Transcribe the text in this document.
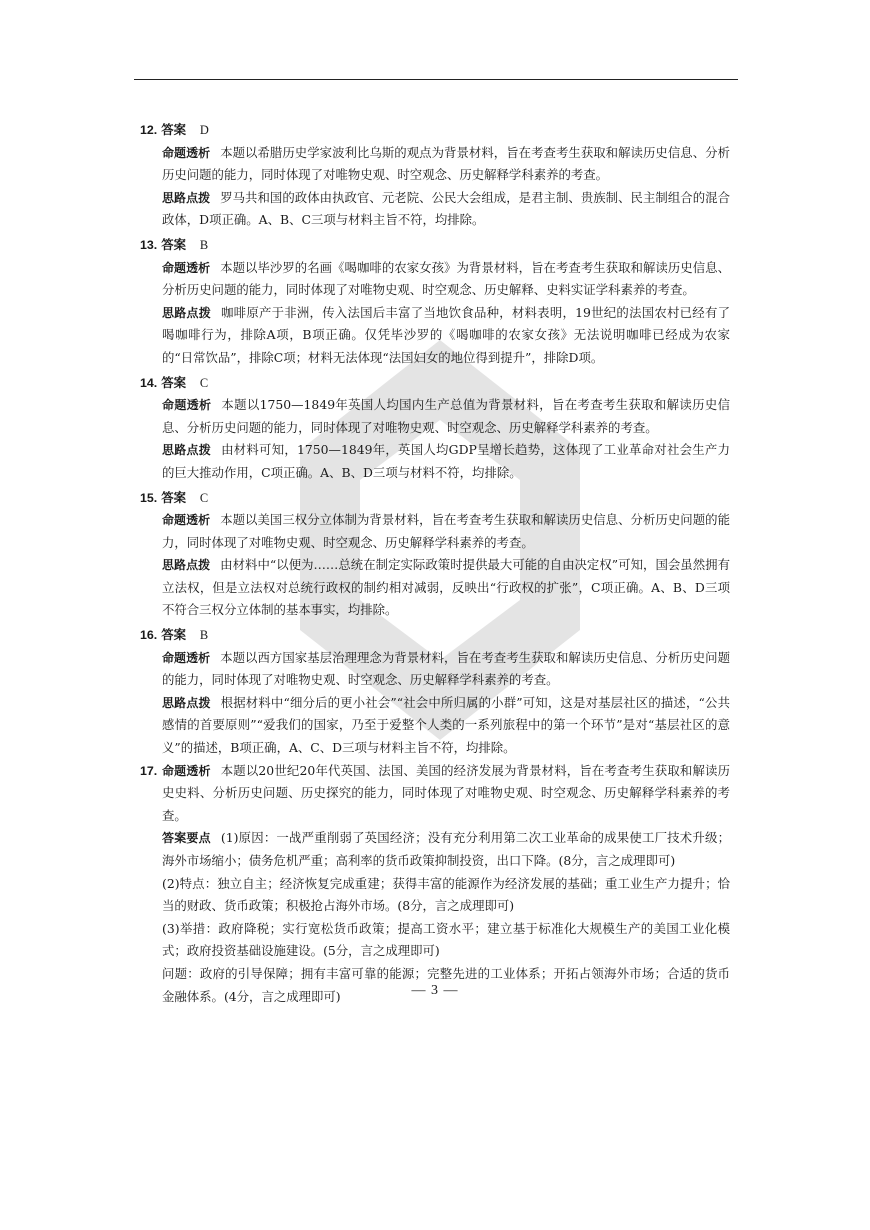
12. 答案 D
命题透析 本题以希腊历史学家波利比乌斯的观点为背景材料，旨在考查考生获取和解读历史信息、分析历史问题的能力，同时体现了对唯物史观、时空观念、历史解释学科素养的考查。
思路点拨 罗马共和国的政体由执政官、元老院、公民大会组成，是君主制、贵族制、民主制组合的混合政体，D项正确。A、B、C三项与材料主旨不符，均排除。
13. 答案 B
命题透析 本题以毕沙罗的名画《喝咖啡的农家女孩》为背景材料，旨在考查考生获取和解读历史信息、分析历史问题的能力，同时体现了对唯物史观、时空观念、历史解释、史料实证学科素养的考查。
思路点拨 咖啡原产于非洲，传入法国后丰富了当地饮食品种，材料表明，19世纪的法国农村已经有了喝咖啡行为，排除A项，B项正确。仅凭毕沙罗的《喝咖啡的农家女孩》无法说明咖啡已经成为农家的“日常饮品”，排除C项；材料无法体现“法国妇女的地位得到提升”，排除D项。
14. 答案 C
命题透析 本题以1750—1849年英国人均国内生产总值为背景材料，旨在考查考生获取和解读历史信息、分析历史问题的能力，同时体现了对唯物史观、时空观念、历史解释学科素养的考查。
思路点拨 由材料可知，1750—1849年，英国人均GDP呈增长趋势，这体现了工业革命对社会生产力的巨大推动作用，C项正确。A、B、D三项与材料不符，均排除。
15. 答案 C
命题透析 本题以美国三权分立体制为背景材料，旨在考查考生获取和解读历史信息、分析历史问题的能力，同时体现了对唯物史观、时空观念、历史解释学科素养的考查。
思路点拨 由材料中“以便为……总统在制定实际政策时提供最大可能的自由决定权”可知，国会虽然拥有立法权，但是立法权对总统行政权的制约相对减弱，反映出“行政权的扩张”，C项正确。A、B、D三项不符合三权分立体制的基本事实，均排除。
16. 答案 B
命题透析 本题以西方国家基层治理理念为背景材料，旨在考查考生获取和解读历史信息、分析历史问题的能力，同时体现了对唯物史观、时空观念、历史解释学科素养的考查。
思路点拨 根据材料中“细分后的更小社会”“社会中所归属的小群”可知，这是对基层社区的描述，“公共感情的首要原则”“爱我们的国家，乃至于爱整个人类的一系列旅程中的第一个环节”是对“基层社区的意义”的描述，B项正确，A、C、D三项与材料主旨不符，均排除。
17. 命题透析 本题以20世纪20年代英国、法国、美国的经济发展为背景材料，旨在考查考生获取和解读历史史料、分析历史问题、历史探究的能力，同时体现了对唯物史观、时空观念、历史解释学科素养的考查。
答案要点 (1)原因：一战严重削弱了英国经济；没有充分利用第二次工业革命的成果使工厂技术升级；海外市场缩小；债务危机严重；高利率的货币政策抑制投资，出口下降。(8分，言之成理即可)
(2)特点：独立自主；经济恢复完成重建；获得丰富的能源作为经济发展的基础；重工业生产力提升；恰当的财政、货币政策；积极抢占海外市场。(8分，言之成理即可)
(3)举措：政府降税；实行宽松货币政策；提高工资水平；建立基于标准化大规模生产的美国工业化模式；政府投资基础设施建设。(5分，言之成理即可)
问题：政府的引导保障；拥有丰富可靠的能源；完整先进的工业体系；开拓占领海外市场；合适的货币金融体系。(4分，言之成理即可)	— 3 —
